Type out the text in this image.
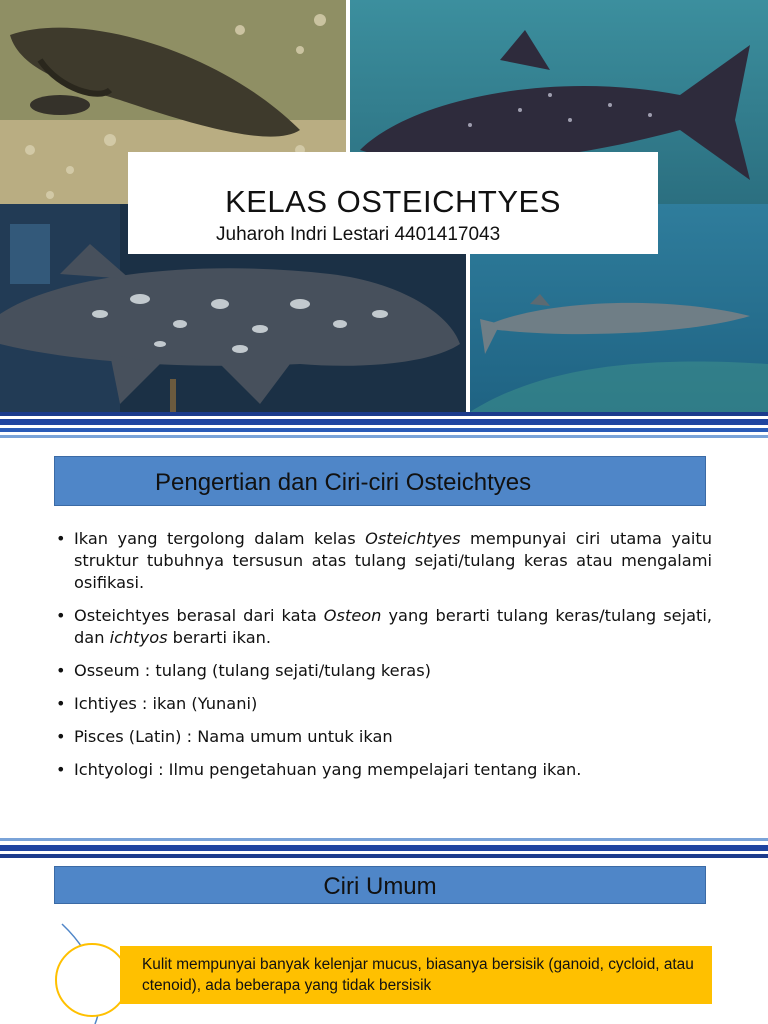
KELAS OSTEICHTYES
Juharoh Indri Lestari 4401417043
Pengertian dan Ciri-ciri Osteichtyes
• Ikan yang tergolong dalam kelas Osteichtyes mempunyai ciri utama yaitu struktur tubuhnya tersusun atas tulang sejati/tulang keras atau mengalami osifikasi.
• Osteichtyes berasal dari kata Osteon yang berarti tulang keras/tulang sejati, dan ichtyos berarti ikan.
• Osseum : tulang (tulang sejati/tulang keras)
• Ichtiyes : ikan (Yunani)
• Pisces (Latin) : Nama umum untuk ikan
• Ichtyologi : Ilmu pengetahuan yang mempelajari tentang ikan.
Ciri Umum

Kulit mempunyai banyak kelenjar mucus, biasanya bersisik (ganoid, cycloid, atau ctenoid), ada beberapa yang tidak bersisik
